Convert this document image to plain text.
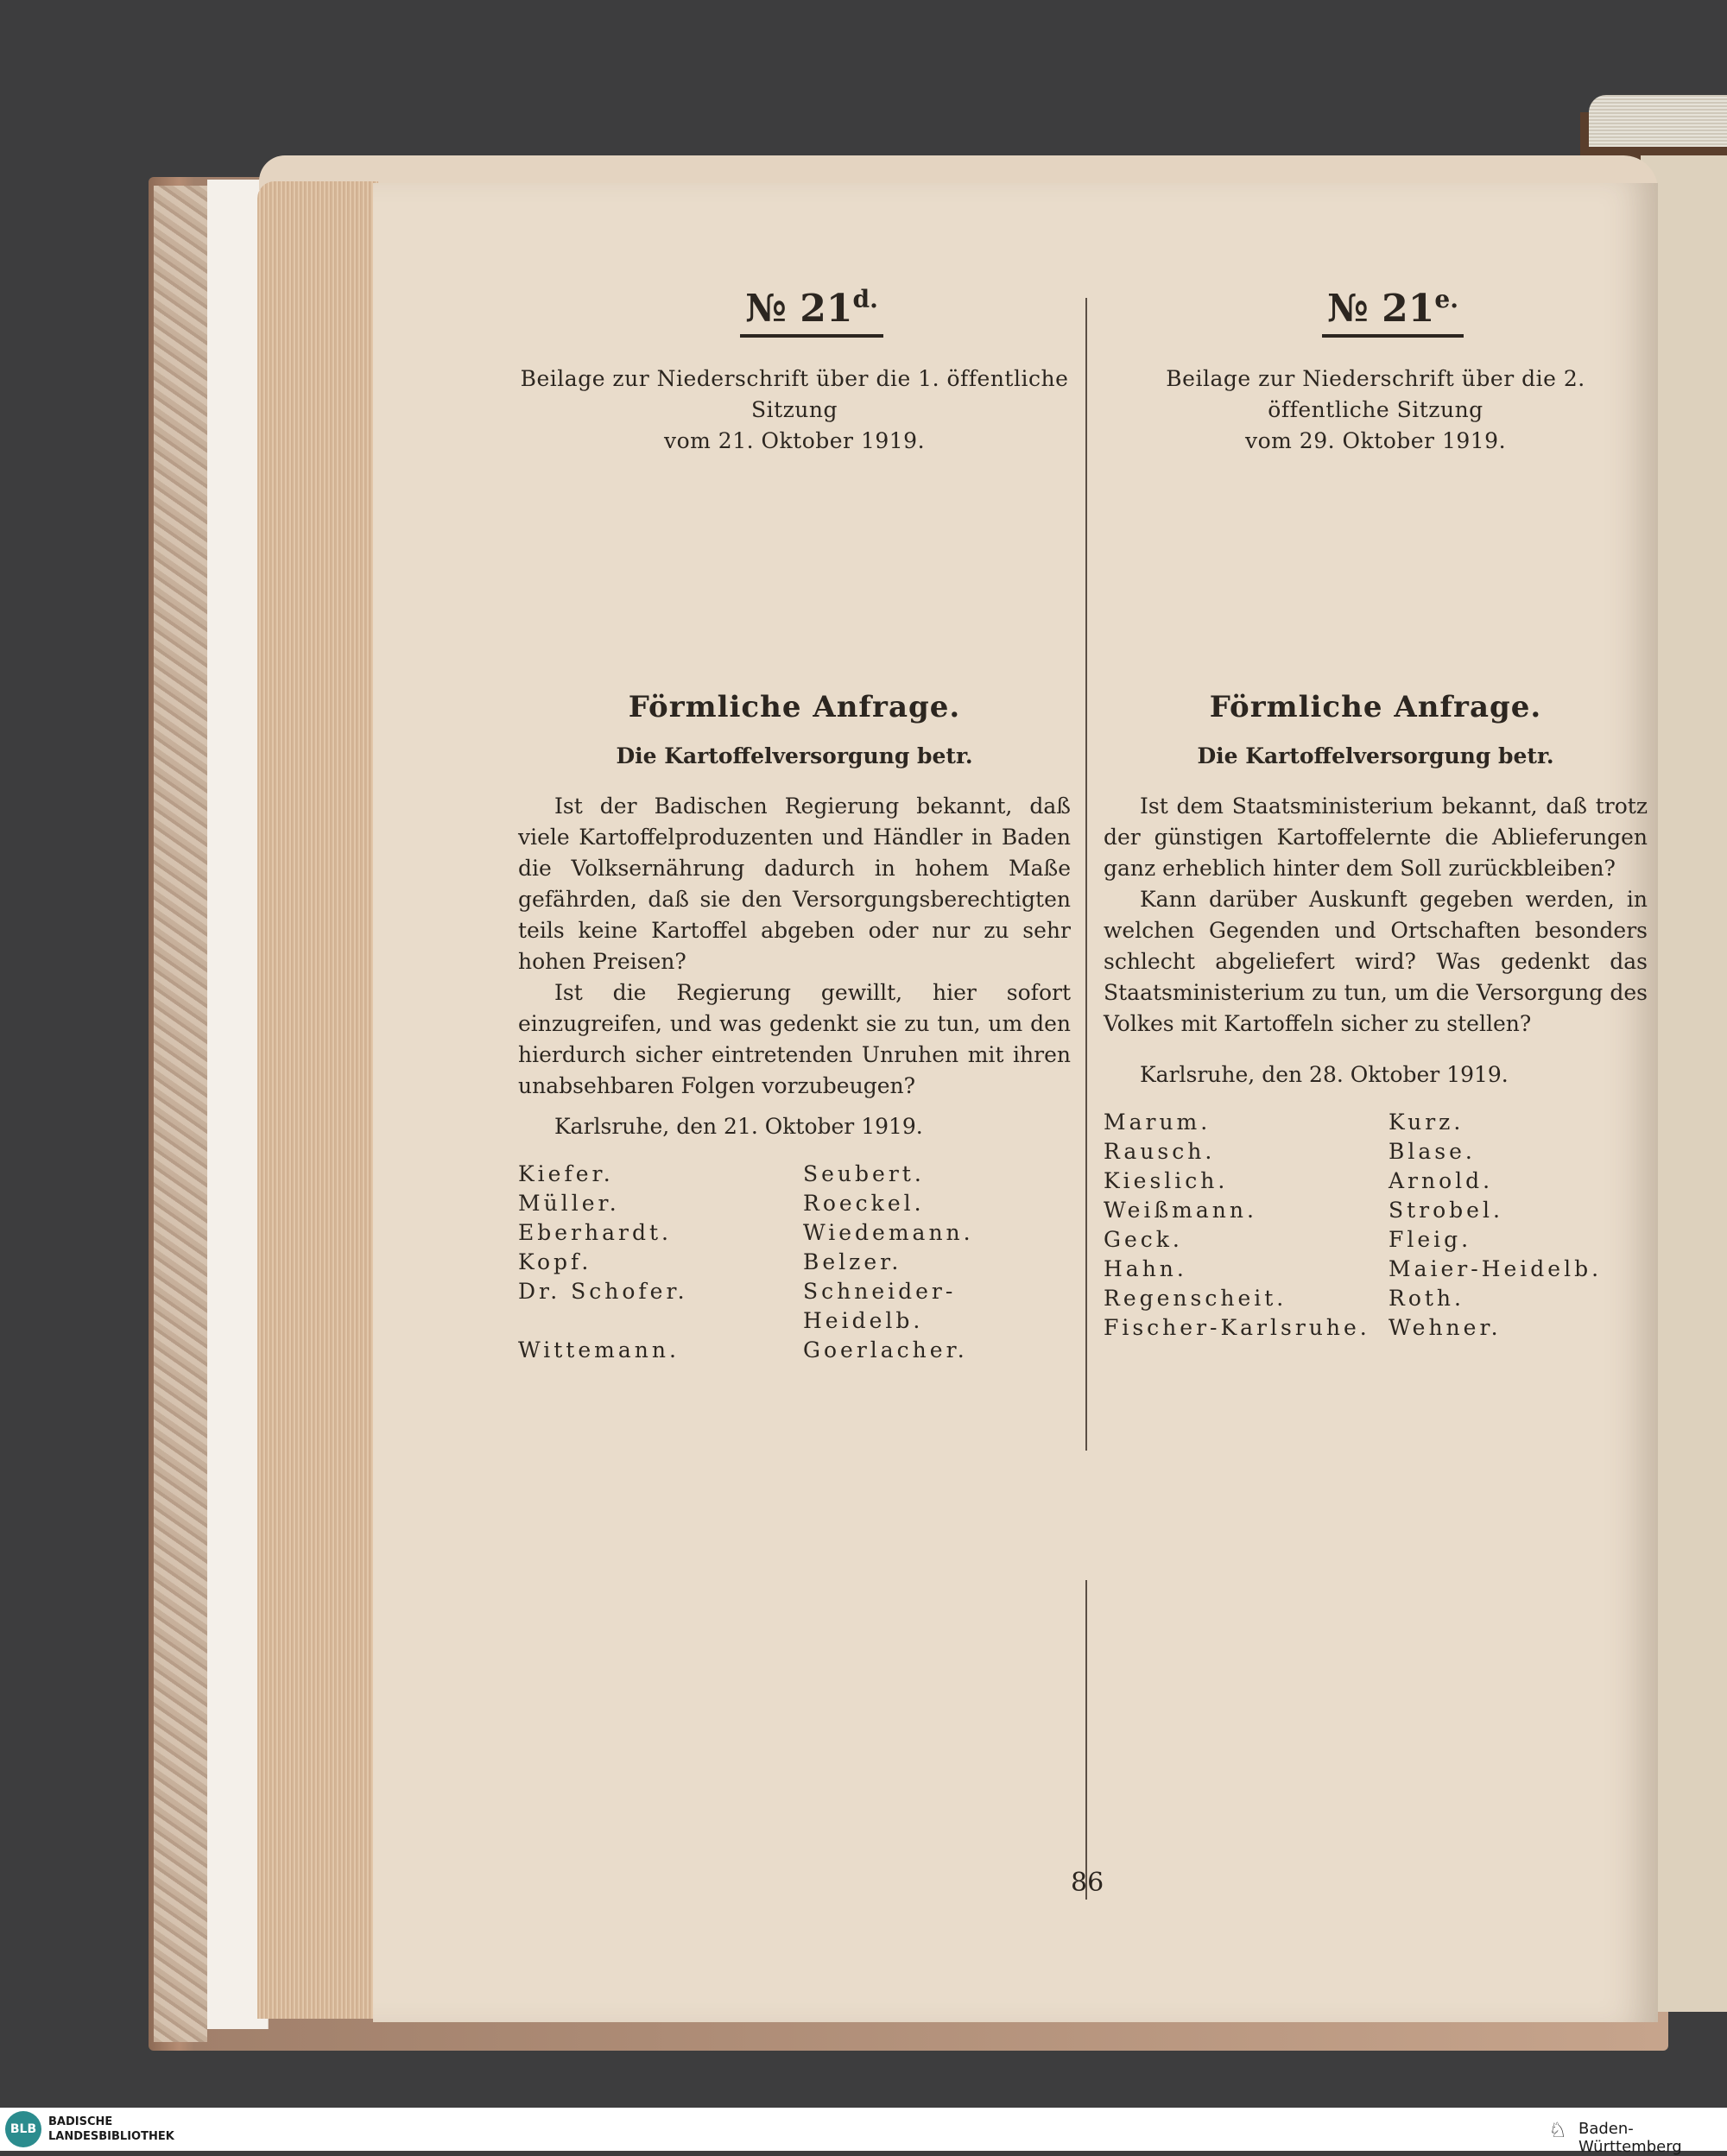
№ $21^{d.}$
Beilage zur Niederschrift über die 1. öffentliche Sitzung
vom 21. Oktober 1919.
Förmliche Anfrage.
Die Kartoffelversorgung betr.

Ist der Badischen Regierung bekannt, daß viele Kartoffelproduzenten und Händler in Baden die Volksernährung dadurch in hohem Maße gefährden, daß sie den Versorgungsberechtigten teils keine Kartoffel abgeben oder nur zu sehr hohen Preisen?

Ist die Regierung gewillt, hier sofort einzugreifen, und was gedenkt sie zu tun, um den hierdurch sicher eintretenden Unruhen mit ihren unabsehbaren Folgen vorzubeugen?

Karlsruhe, den 21. Oktober 1919.
Kiefer.	Seubert.
Müller.	Roeckel.
Eberhardt.	Wiedemann.
Kopf.	Belzer.
Dr. Schofer.	Schneider-Heidelb.
Wittemann.	Goerlacher.
№ $21^{e.}$
Beilage zur Niederschrift über die 2. öffentliche Sitzung
vom 29. Oktober 1919.
Förmliche Anfrage.
Die Kartoffelversorgung betr.

Ist dem Staatsministerium bekannt, daß trotz der günstigen Kartoffelernte die Ablieferungen ganz erheblich hinter dem Soll zurückbleiben?

Kann darüber Auskunft gegeben werden, in welchen Gegenden und Ortschaften besonders schlecht abgeliefert wird? Was gedenkt das Staatsministerium zu tun, um die Versorgung des Volkes mit Kartoffeln sicher zu stellen?

Karlsruhe, den 28. Oktober 1919.
Marum.	Kurz.
Rausch.	Blase.
Kieslich.	Arnold.
Weißmann.	Strobel.
Geck.	Fleig.
Hahn.	Maier-Heidelb.
Regenscheit.	Roth.
Fischer-Karlsruhe. Wehner.
86
BLB
BADISCHE
LANDESBIBLIOTHEK	♘ Baden-Württemberg
